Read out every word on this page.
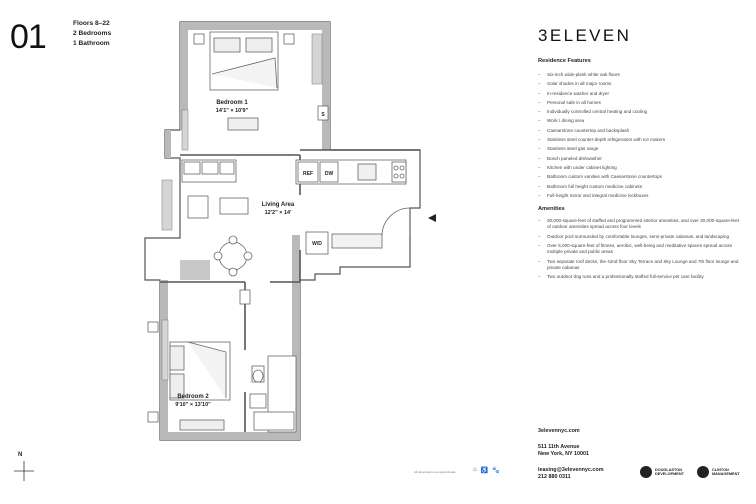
01	Floors 8–22
2 Bedrooms
1 Bathroom
Bedroom 1
14'1" × 10'9"
S
Living Area
12'2" × 14'
REF DW
W/D
Bedroom 2
9'10" × 13'10"
3ELEVEN
Residence Features
– Six-inch wide-plank white oak floors
– Solar shades in all major rooms
– In-residence washer and dryer
– Personal safe in all homes
– Individually controlled central heating and cooling
– Work / dining area
– Caesarstone countertop and backsplash
– Stainless steel counter-depth refrigerators with ice makers
– Stainless steel gas range
– Bosch paneled dishwasher
– Kitchen with under cabinet lighting
– Bathroom custom vanities with Caesarstone countertops
– Bathroom full height custom medicine cabinets
– Full-height mirror and integral medicine lockboxes
Amenities
– 30,000-square-feet of staffed and programmed interior amenities, and over 30,000-square-feet of outdoor amenities spread across four levels
– Outdoor pool surrounded by comfortable lounges, semi-private cabanas, and landscaping
– Over 5,000-square-feet of fitness, aerobic, well-being and meditative spaces spread across multiple private and public areas
– Two separate roof decks, the 42nd floor Sky Terrace and Sky Lounge and 7th floor lounge and private cabanas
– Two outdoor dog runs and a professionally staffed full-service pet care facility
3elevennyc.com
511 11th Avenue
New York, NY 10001
leasing@3elevennyc.com
212 880 0311
DOUGLASTON
DEVELOPMENT
CLINTON
MANAGEMENT
All dimensions are approximate.	⌂ ♿ 🐾
N
